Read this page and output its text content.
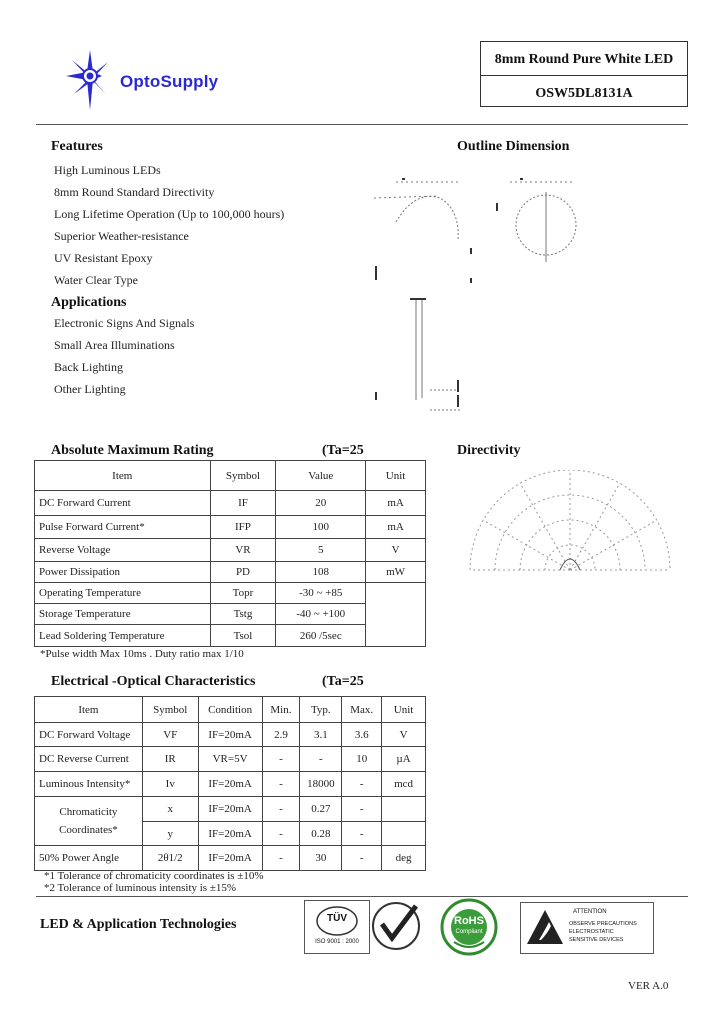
OptoSupply
8mm Round Pure White LED
OSW5DL8131A
Features
High Luminous LEDs
8mm Round Standard Directivity
Long Lifetime Operation (Up to 100,000 hours)
Superior Weather-resistance
UV Resistant Epoxy
Water Clear Type
Applications
Electronic Signs And Signals
Small Area Illuminations
Back Lighting
Other Lighting
Outline Dimension
Directivity
Absolute Maximum Rating	(Ta=25
Item	Symbol	Value	Unit
DC Forward Current	IF	20	mA
Pulse Forward Current*	IFP	100	mA
Reverse Voltage	VR	5	V
Power Dissipation	PD	108	mW
Operating Temperature	Topr	-30 ~ +85	
Storage Temperature	Tstg	-40 ~ +100	
Lead Soldering Temperature	Tsol	260 /5sec	
*Pulse width Max 10ms . Duty ratio max 1/10
Electrical -Optical Characteristics	(Ta=25
Item	Symbol	Condition	Min.	Typ.	Max.	Unit
DC Forward Voltage	VF	IF=20mA	2.9	3.1	3.6	V
DC Reverse Current	IR	VR=5V	-	-	10	µA
Luminous Intensity*	Iv	IF=20mA	-	18000	-	mcd
Chromaticity Coordinates*	x	IF=20mA	-	0.27	-	
	y	IF=20mA	-	0.28	-	
50% Power Angle	2θ1/2	IF=20mA	-	30	-	deg
*1 Tolerance of chromaticity coordinates is ±10%
*2 Tolerance of luminous intensity is ±15%
LED & Application Technologies	TÜV
ISO 9001 : 2000
RoHS
Compliant
ATTENTION
OBSERVE PRECAUTIONS
ELECTROSTATIC
SENSITIVE DEVICES
VER A.0
